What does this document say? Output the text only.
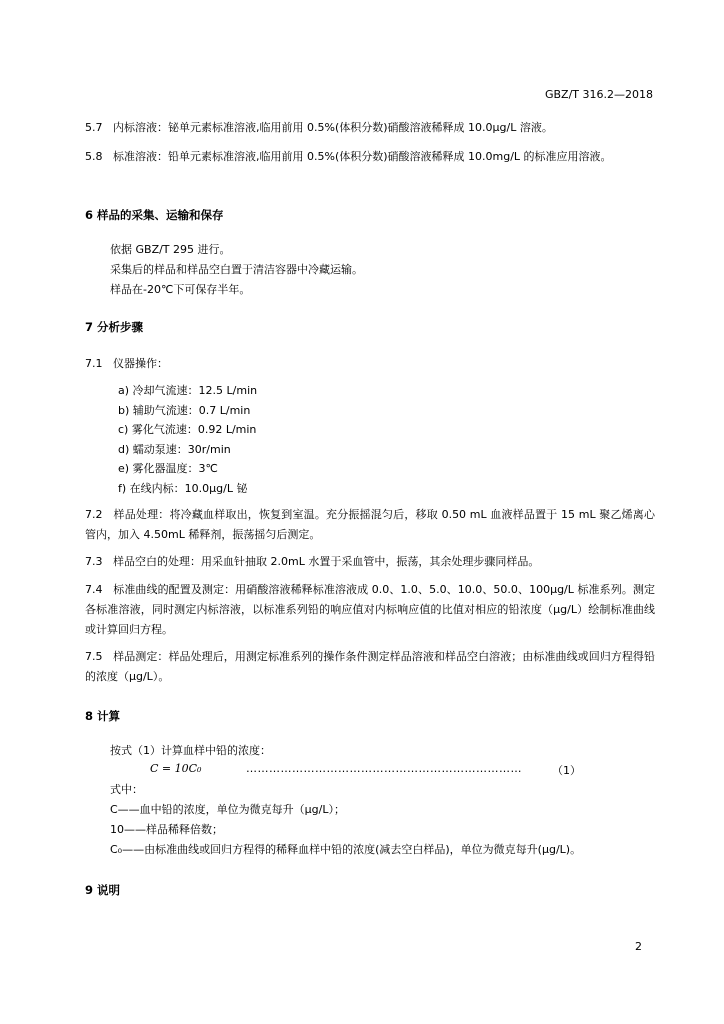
GBZ/T 316.2—2018
5.7 内标溶液：铋单元素标准溶液,临用前用 0.5%(体积分数)硝酸溶液稀释成 10.0μg/L 溶液。
5.8 标准溶液：铅单元素标准溶液,临用前用 0.5%(体积分数)硝酸溶液稀释成 10.0mg/L 的标准应用溶液。
6 样品的采集、运输和保存
依据 GBZ/T 295 进行。
采集后的样品和样品空白置于清洁容器中冷藏运输。
样品在-20℃下可保存半年。
7 分析步骤
7.1 仪器操作：
a) 冷却气流速：12.5 L/min
b) 辅助气流速：0.7 L/min
c) 雾化气流速：0.92 L/min
d) 蠕动泵速：30r/min
e) 雾化器温度：3℃
f) 在线内标：10.0μg/L 铋
7.2 样品处理：将冷藏血样取出，恢复到室温。充分振摇混匀后，移取 0.50 mL 血液样品置于 15 mL 聚乙烯离心管内，加入 4.50mL 稀释剂，振荡摇匀后测定。
7.3 样品空白的处理：用采血针抽取 2.0mL 水置于采血管中，振荡，其余处理步骤同样品。
7.4 标准曲线的配置及测定：用硝酸溶液稀释标准溶液成 0.0、1.0、5.0、10.0、50.0、100μg/L 标准系列。测定各标准溶液，同时测定内标溶液，以标准系列铅的响应值对内标响应值的比值对相应的铅浓度（μg/L）绘制标准曲线或计算回归方程。
7.5 样品测定：样品处理后，用测定标准系列的操作条件测定样品溶液和样品空白溶液；由标准曲线或回归方程得铅的浓度（μg/L）。
8 计算
按式（1）计算血样中铅的浓度：
C = 10C₀	………………………………………………………………	（1）
式中：
C——血中铅的浓度，单位为微克每升（μg/L）；
10——样品稀释倍数；
C₀——由标准曲线或回归方程得的稀释血样中铅的浓度(减去空白样品)，单位为微克每升(μg/L)。
9 说明
2
